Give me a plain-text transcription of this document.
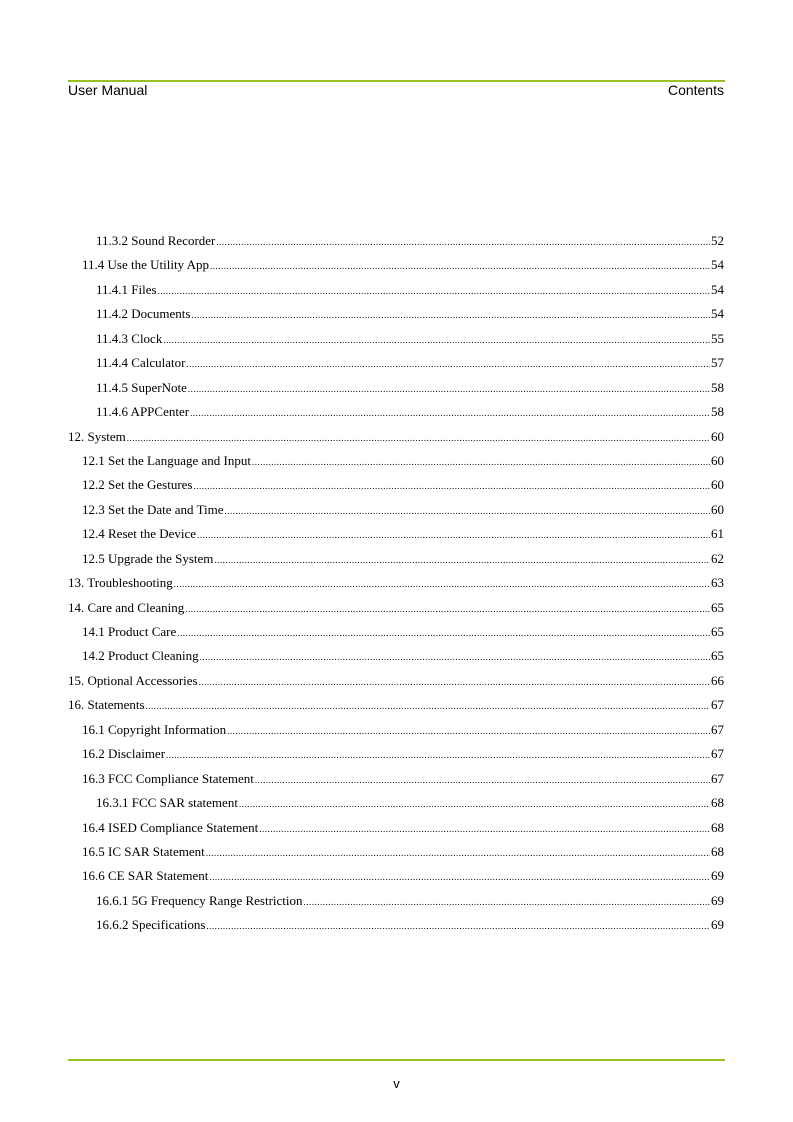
User Manual	Contents
11.3.2 Sound Recorder .....	52
11.4 Use the Utility App .....	54
11.4.1 Files .....	54
11.4.2 Documents .....	54
11.4.3 Clock .....	55
11.4.4 Calculator .....	57
11.4.5 SuperNote .....	58
11.4.6 APPCenter .....	58
12. System .....	60
12.1 Set the Language and Input .....	60
12.2 Set the Gestures .....	60
12.3 Set the Date and Time .....	60
12.4 Reset the Device .....	61
12.5 Upgrade the System .....	62
13. Troubleshooting .....	63
14. Care and Cleaning .....	65
14.1 Product Care .....	65
14.2 Product Cleaning .....	65
15. Optional Accessories .....	66
16. Statements .....	67
16.1 Copyright Information .....	67
16.2 Disclaimer .....	67
16.3 FCC Compliance Statement .....	67
16.3.1 FCC SAR statement .....	68
16.4 ISED Compliance Statement .....	68
16.5 IC SAR Statement .....	68
16.6 CE SAR Statement .....	69
16.6.1 5G Frequency Range Restriction .....	69
16.6.2 Specifications .....	69
v
